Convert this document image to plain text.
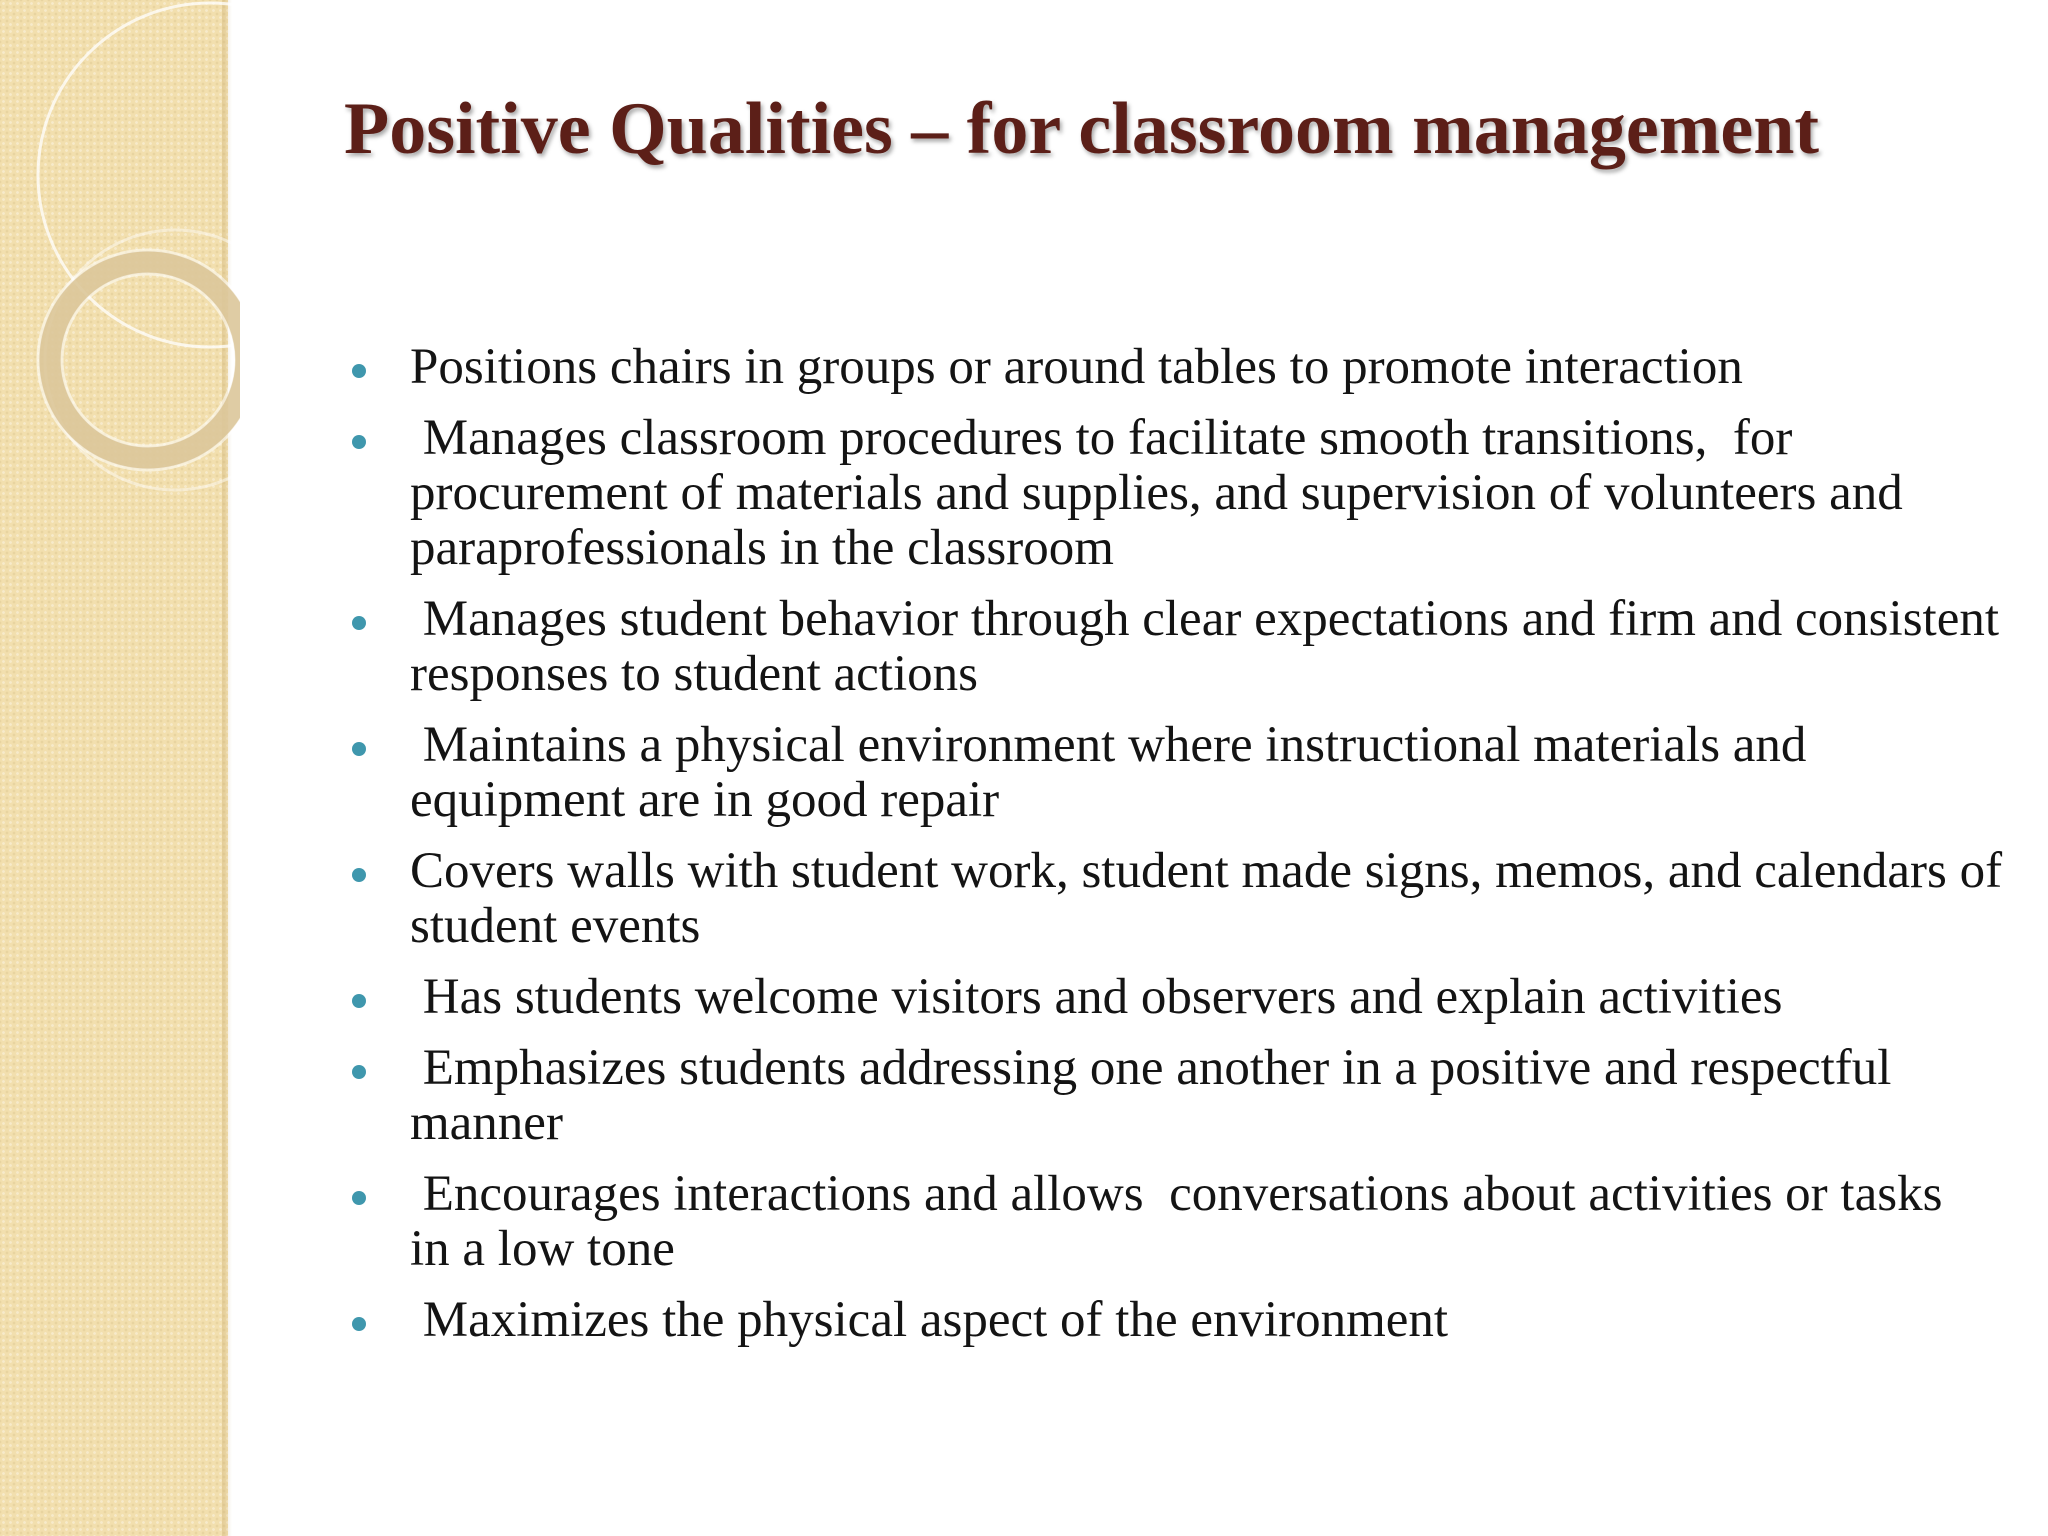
Positive Qualities – for classroom management
Positions chairs in groups or around tables to promote interaction
Manages classroom procedures to facilitate smooth transitions,  for procurement of materials and supplies, and supervision of volunteers and paraprofessionals in the classroom
Manages student behavior through clear expectations and firm and consistent responses to student actions
Maintains a physical environment where instructional materials and equipment are in good repair
Covers walls with student work, student made signs, memos, and calendars of student events
Has students welcome visitors and observers and explain activities
Emphasizes students addressing one another in a positive and respectful manner
Encourages interactions and allows  conversations about activities or tasks  in a low tone
Maximizes the physical aspect of the environment
